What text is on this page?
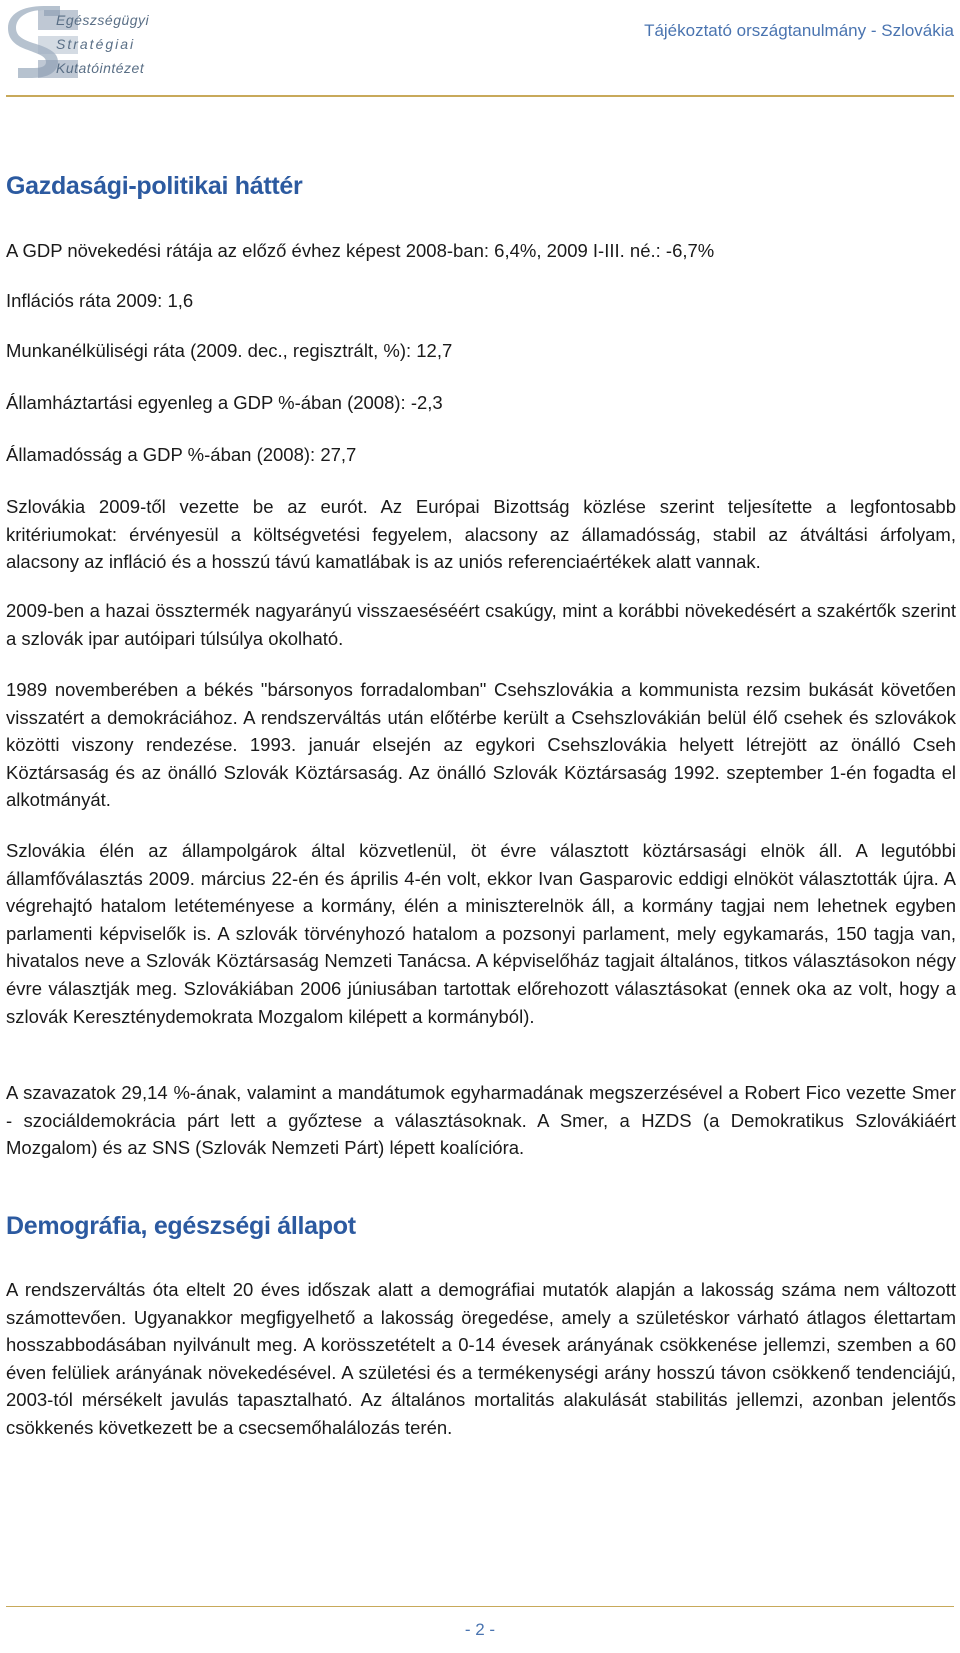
Egészségügyi
Stratégiai
Kutatóintézet
Tájékoztató országtanulmány - Szlovákia
Gazdasági-politikai háttér

A GDP növekedési rátája az előző évhez képest 2008-ban: 6,4%, 2009 I-III. né.: -6,7%

Inflációs ráta 2009: 1,6

Munkanélküliségi ráta (2009. dec., regisztrált, %): 12,7

Államháztartási egyenleg a GDP %-ában (2008): -2,3

Államadósság a GDP %-ában (2008): 27,7

Szlovákia 2009-től vezette be az eurót. Az Európai Bizottság közlése szerint teljesítette a legfontosabb kritériumokat: érvényesül a költségvetési fegyelem, alacsony az államadósság, stabil az átváltási árfolyam, alacsony az infláció és a hosszú távú kamatlábak is az uniós referenciaértékek alatt vannak.

2009-ben a hazai össztermék nagyarányú visszaeséséért csakúgy, mint a korábbi növekedésért a szakértők szerint a szlovák ipar autóipari túlsúlya okolható.

1989 novemberében a békés "bársonyos forradalomban" Csehszlovákia a kommunista rezsim bukását követően visszatért a demokráciához. A rendszerváltás után előtérbe került a Csehszlovákián belül élő csehek és szlovákok közötti viszony rendezése. 1993. január elsején az egykori Csehszlovákia helyett létrejött az önálló Cseh Köztársaság és az önálló Szlovák Köztársaság. Az önálló Szlovák Köztársaság 1992. szeptember 1-én fogadta el alkotmányát.

Szlovákia élén az állampolgárok által közvetlenül, öt évre választott köztársasági elnök áll. A legutóbbi államfőválasztás 2009. március 22-én és április 4-én volt, ekkor Ivan Gasparovic eddigi elnököt választották újra. A végrehajtó hatalom letéteményese a kormány, élén a miniszterelnök áll, a kormány tagjai nem lehetnek egyben parlamenti képviselők is. A szlovák törvényhozó hatalom a pozsonyi parlament, mely egykamarás, 150 tagja van, hivatalos neve a Szlovák Köztársaság Nemzeti Tanácsa. A képviselőház tagjait általános, titkos választásokon négy évre választják meg. Szlovákiában 2006 júniusában tartottak előrehozott választásokat (ennek oka az volt, hogy a szlovák Kereszténydemokrata Mozgalom kilépett a kormányból).

A szavazatok 29,14 %-ának, valamint a mandátumok egyharmadának megszerzésével a Robert Fico vezette Smer - szociáldemokrácia párt lett a győztese a választásoknak. A Smer, a HZDS (a Demokratikus Szlovákiáért Mozgalom) és az SNS (Szlovák Nemzeti Párt) lépett koalícióra.

Demográfia, egészségi állapot

A rendszerváltás óta eltelt 20 éves időszak alatt a demográfiai mutatók alapján a lakosság száma nem változott számottevően. Ugyanakkor megfigyelhető a lakosság öregedése, amely a születéskor várható átlagos élettartam hosszabbodásában nyilvánult meg. A korösszetételt a 0-14 évesek arányának csökkenése jellemzi, szemben a 60 éven felüliek arányának növekedésével. A születési és a termékenységi arány hosszú távon csökkenő tendenciájú, 2003-tól mérsékelt javulás tapasztalható. Az általános mortalitás alakulását stabilitás jellemzi, azonban jelentős csökkenés következett be a csecsemőhalálozás terén.

- 2 -
